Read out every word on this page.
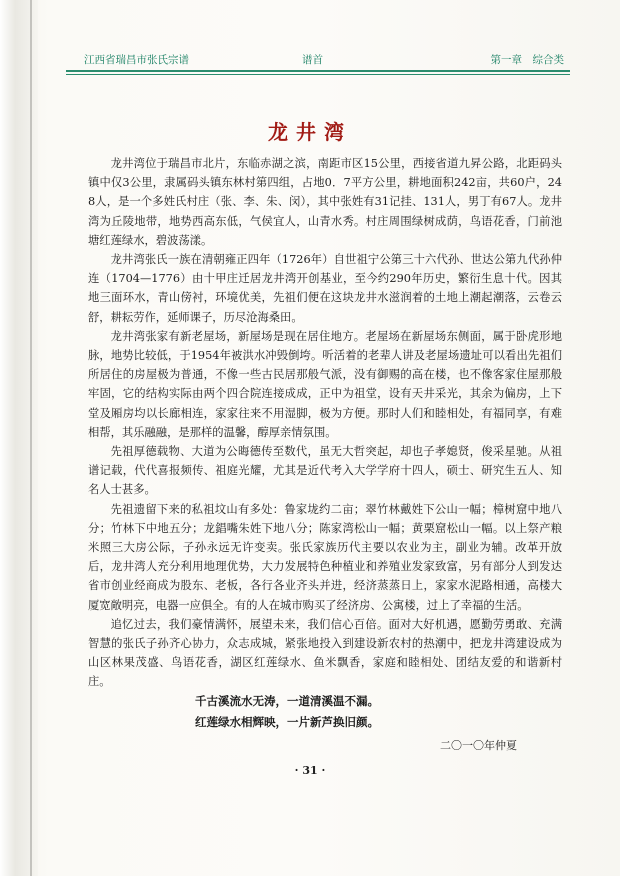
江西省瑞昌市张氏宗谱	谱首	第一章　综合类
龙井湾

龙井湾位于瑞昌市北片，东临赤湖之滨，南距市区15公里，西接省道九昇公路，北距码头镇中仅3公里，隶属码头镇东林村第四组，占地0．7平方公里，耕地面积242亩，共60户，248人，是一个多姓氏村庄（张、李、朱、闵），其中张姓有31记挂、131人，男丁有67人。龙井湾为丘陵地带，地势西高东低，气侯宜人，山青水秀。村庄周围绿树成荫，鸟语花香，门前池塘红莲绿水，碧波荡漾。

龙井湾张氏一族在清朝雍正四年（1726年）自世祖宁公第三十六代孙、世达公第九代孙仲连（1704—1776）由十甲庄迁居龙井湾开创基业，至今约290年历史，繁衍生息十代。因其地三面环水，青山傍衬，环境优美，先祖们便在这块龙井水滋润着的土地上潮起潮落，云卷云舒，耕耘劳作，延师课子，历尽沧海桑田。

龙井湾张家有新老屋场，新屋场是现在居住地方。老屋场在新屋场东侧面，属于卧虎形地脉，地势比较低，于1954年被洪水冲毁倒垮。听活着的老辈人讲及老屋场遗址可以看出先祖们所居住的房屋极为普通，不像一些古民居那般气派，没有御赐的高在楼，也不像客家住屋那般牢固，它的结构实际由两个四合院连接成成，正中为祖堂，设有天井采光，其余为偏房，上下堂及厢房均以长廊相连，家家往来不用湿脚，极为方便。那时人们和睦相处，有福同享，有难相帮，其乐融融，是那样的温馨，醇厚亲情氛围。

先祖厚德载物、大道为公晦德传至数代，虽无大哲突起，却也子孝媳贤，俊采星驰。从祖谱记载，代代喜报频传、祖庭光耀，尤其是近代考入大学学府十四人，硕士、研究生五人、知名人士甚多。

先祖遗留下来的私祖坟山有多处：鲁家垅约二亩；翠竹林戴姓下公山一幅；樟树窟中地八分；竹林下中地五分；龙錩嘴朱姓下地八分；陈家湾松山一幅；黄栗窟松山一幅。以上祭产粮米照三大房公际，子孙永远无许变卖。张氏家族历代主要以农业为主，副业为辅。改革开放后，龙井湾人充分利用地理优势，大力发展特色种植业和养殖业发家致富，另有部分人到发达省市创业经商成为股东、老板，各行各业齐头并进，经济蒸蒸日上，家家水泥路相通，高楼大厦宽敞明亮，电器一应俱全。有的人在城市购买了经济房、公寓楼，过上了幸福的生活。

追忆过去，我们豪情满怀，展望未来，我们信心百倍。面对大好机遇，愿勤劳勇敢、充满智慧的张氏子孙齐心协力，众志成城，紧张地投入到建设新农村的热潮中，把龙井湾建设成为山区林果茂盛、鸟语花香，湖区红莲绿水、鱼米飘香，家庭和睦相处、团结友爱的和谐新村庄。

千古溪流水无涛，一道清溪温不漏。
红莲绿水相辉映，一片新芦换旧颜。
二〇一〇年仲夏
· 31 ·
